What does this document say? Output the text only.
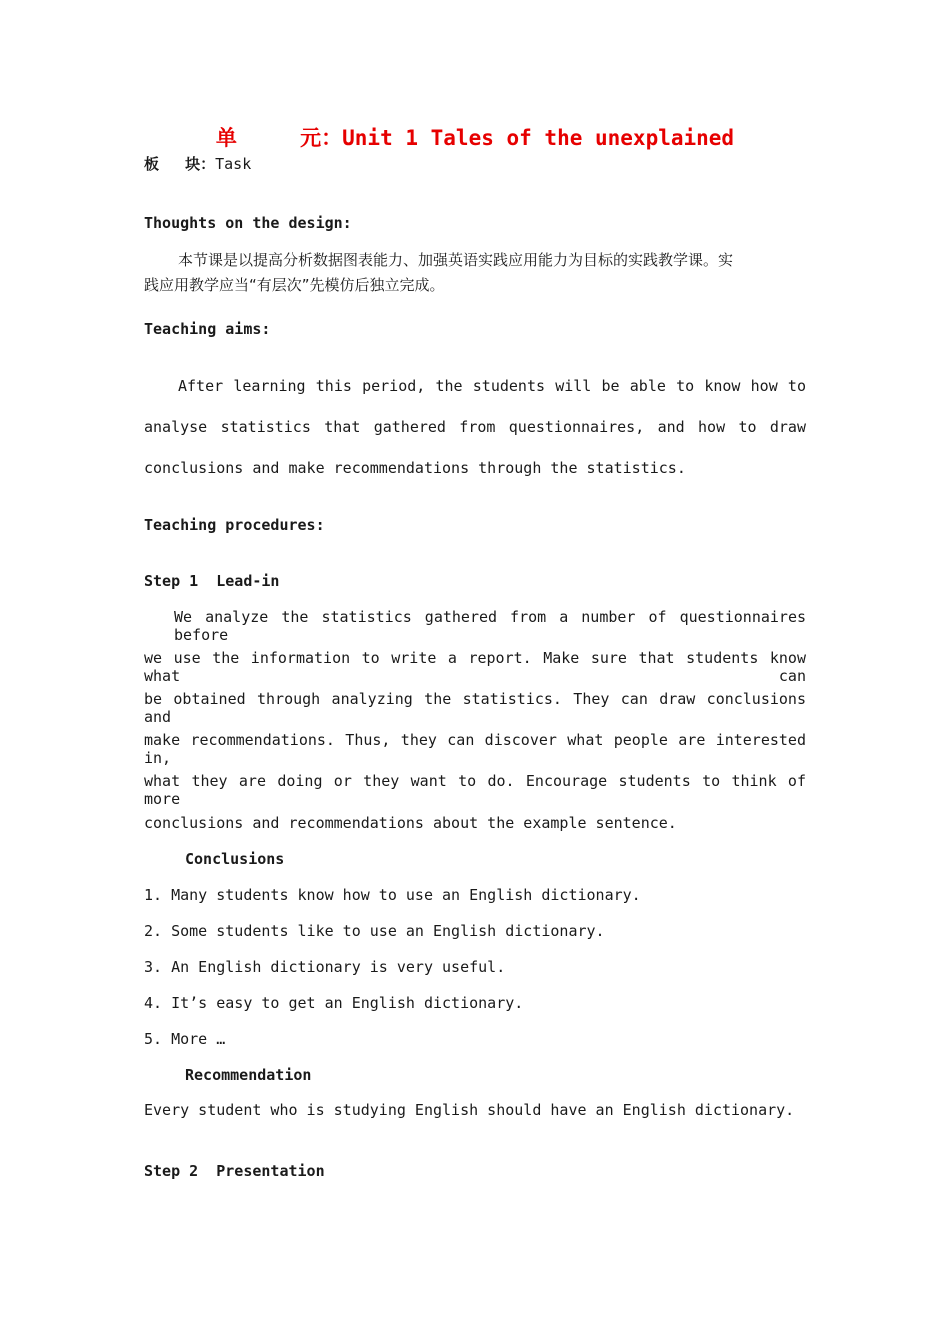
单     元：Unit 1 Tales of the unexplained
板     块：Task
Thoughts on the design:
本节课是以提高分析数据图表能力、加强英语实践应用能力为目标的实践教学课。实
践应用教学应当“有层次”先模仿后独立完成。
Teaching aims:
After learning this period, the students will be able to know how to
analyse statistics that gathered from questionnaires, and how to draw
conclusions and make recommendations through the statistics.
Teaching procedures:
Step 1  Lead-in
We analyze the statistics gathered from a number of questionnaires before
we use the information to write a report. Make sure that students know what can
be obtained through analyzing the statistics. They can draw conclusions and
make recommendations. Thus, they can discover what people are interested in,
what they are doing or they want to do. Encourage students to think of more
conclusions and recommendations about the example sentence.
Conclusions
1. Many students know how to use an English dictionary.
2. Some students like to use an English dictionary.
3. An English dictionary is very useful.
4. It’s easy to get an English dictionary.
5. More …
Recommendation
Every student who is studying English should have an English dictionary.
Step 2  Presentation
